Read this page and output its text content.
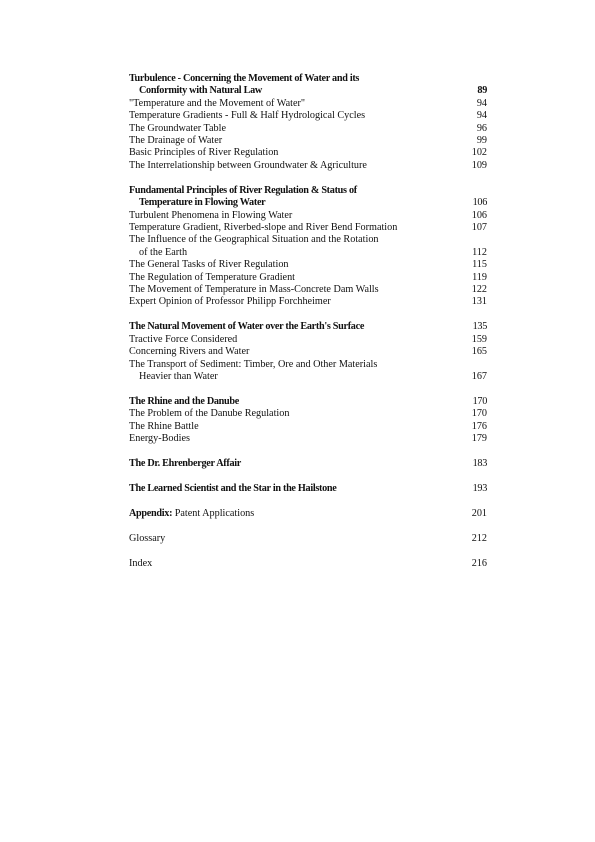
Turbulence - Concerning the Movement of Water and its
Conformity with Natural Law	89
"Temperature and the Movement of Water"	94
Temperature Gradients - Full & Half Hydrological Cycles	94
The Groundwater Table	96
The Drainage of Water	99
Basic Principles of River Regulation	102
The Interrelationship between Groundwater & Agriculture	109
Fundamental Principles of River Regulation & Status of
Temperature in Flowing Water	106
Turbulent Phenomena in Flowing Water	106
Temperature Gradient, Riverbed-slope and River Bend Formation	107
The Influence of the Geographical Situation and the Rotation
of the Earth	112
The General Tasks of River Regulation	115
The Regulation of Temperature Gradient	119
The Movement of Temperature in Mass-Concrete Dam Walls	122
Expert Opinion of Professor Philipp Forchheimer	131
The Natural Movement of Water over the Earth's Surface	135
Tractive Force Considered	159
Concerning Rivers and Water	165
The Transport of Sediment: Timber, Ore and Other Materials
Heavier than Water	167
The Rhine and the Danube	170
The Problem of the Danube Regulation	170
The Rhine Battle	176
Energy-Bodies	179
The Dr. Ehrenberger Affair	183
The Learned Scientist and the Star in the Hailstone	193
Appendix: Patent Applications	201
Glossary	212
Index	216
